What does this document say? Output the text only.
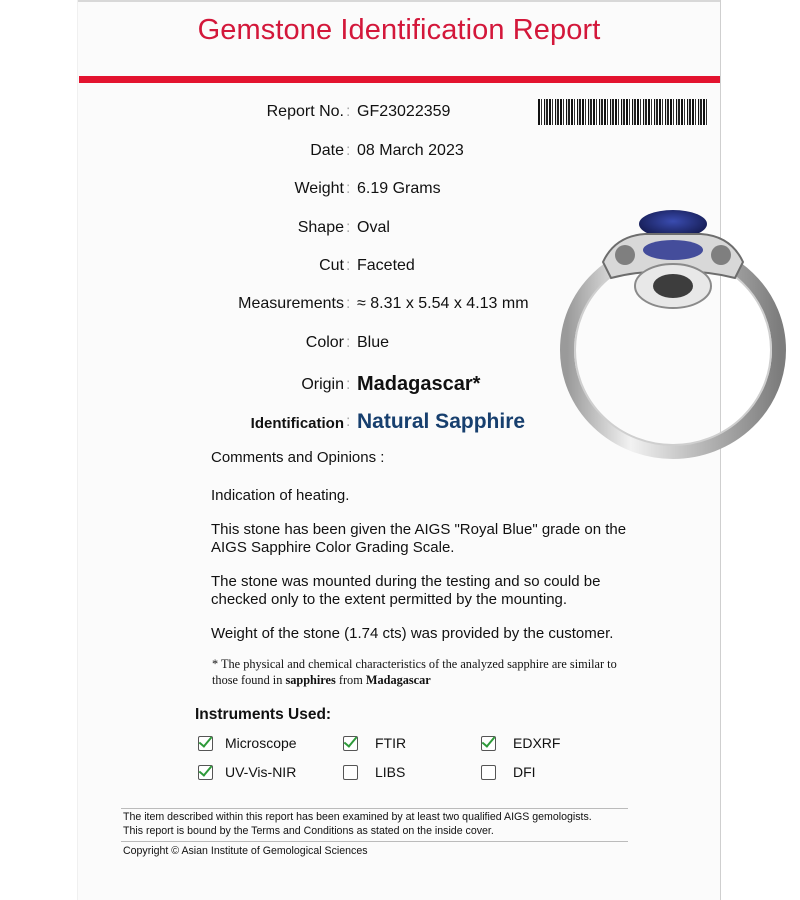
Gemstone Identification Report
Report No. : GF23022359
Date : 08 March 2023
Weight : 6.19 Grams
Shape : Oval
Cut : Faceted
Measurements : ≈ 8.31 x 5.54 x 4.13 mm
Color : Blue
Origin : Madagascar*
Identification : Natural Sapphire
Comments and Opinions :
Indication of heating.
This stone has been given the AIGS "Royal Blue" grade on the AIGS Sapphire Color Grading Scale.
The stone was mounted during the testing and so could be checked only to the extent permitted by the mounting.
Weight of the stone (1.74 cts) was provided by the customer.
* The physical and chemical characteristics of the analyzed sapphire are similar to those found in sapphires from Madagascar
Instruments Used:
Microscope	FTIR	EDXRF
UV-Vis-NIR	LIBS	DFI
The item described within this report has been examined by at least two qualified AIGS gemologists.
This report is bound by the Terms and Conditions as stated on the inside cover.
Copyright © Asian Institute of Gemological Sciences
